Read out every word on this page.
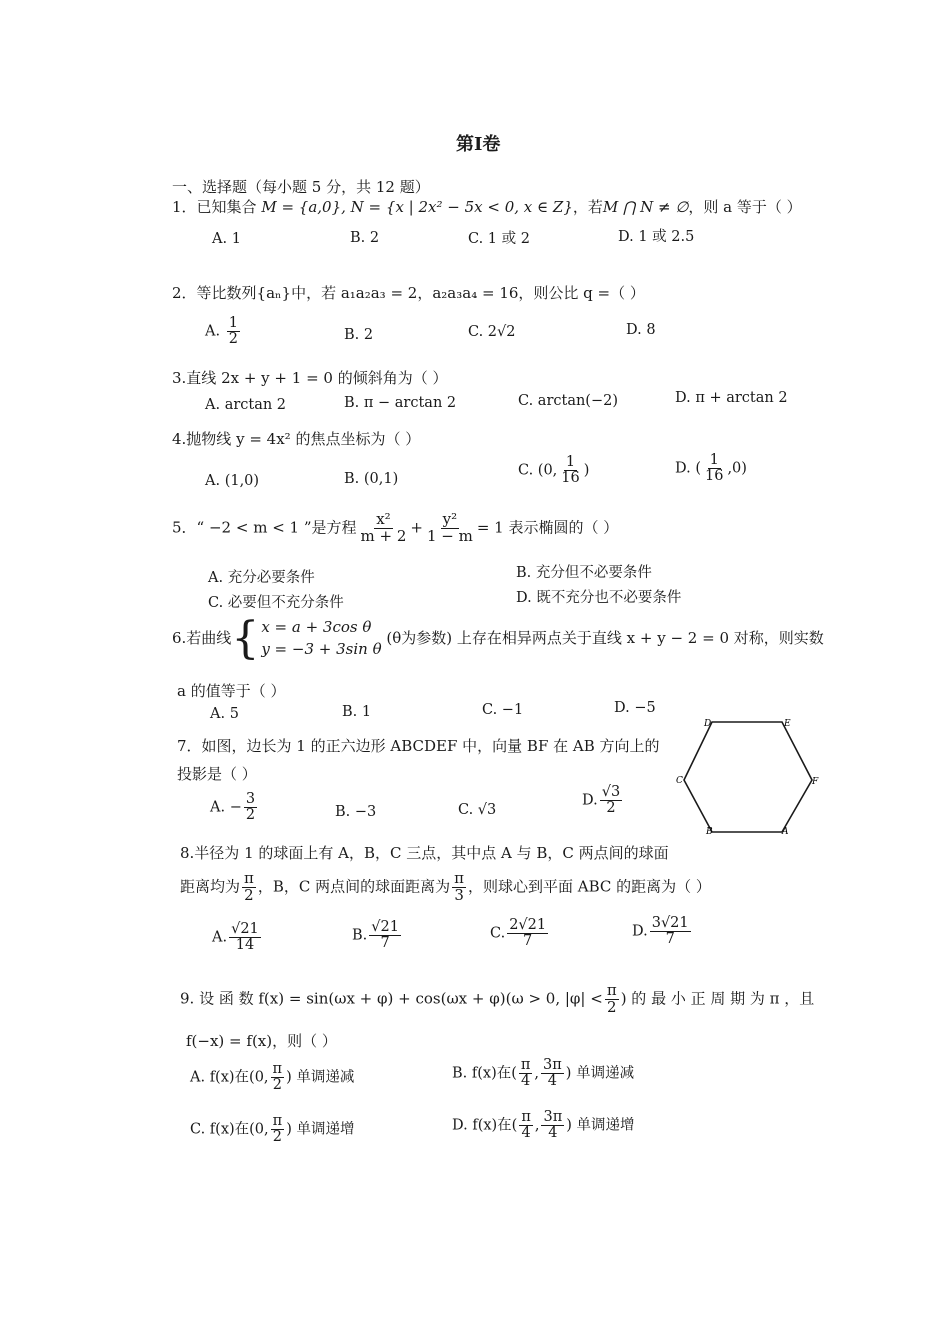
第Ⅰ卷
一、选择题（每小题 5 分，共 12 题）
1．已知集合 M = {a,0}, N = {x | 2x² − 5x < 0, x ∈ Z}，若M ⋂ N ≠ ∅，则 a 等于（ ）
A. 1	B. 2	C. 1 或 2	D. 1 或 2.5
2．等比数列{aₙ}中，若 a₁a₂a₃ = 2，a₂a₃a₄ = 16，则公比 q =（ ）
A. $\frac{1}{2}$	B. 2	C. 2√2	D. 8
3.直线 2x + y + 1 = 0 的倾斜角为（ ）
A. arctan 2	B. π − arctan 2	C. arctan(−2)	D. π + arctan 2
4.抛物线 y = 4x² 的焦点坐标为（ ）
A. (1,0)	B. (0,1)
C. (0, $\frac{1}{16}$ )	D. ( $\frac{1}{16} ,0$)
5．“ −2 < m < 1 ”是方程 $\frac{\text{x²}}{m + 2} + \frac{\text{y²}}{1 - m} = 1$ 表示椭圆的（ ）
A. 充分必要条件	B. 充分但不必要条件
C. 必要但不充分条件	D. 既不充分也不必要条件
6.若曲线 { x = a + 3cos θ
y = −3 + 3sin θ
(θ为参数) 上存在相异两点关于直线 x + y − 2 = 0 对称，则实数
a 的值等于（ ）
A. 5	B. 1	C. −1	D. −5
7．如图，边长为 1 的正六边形 ABCDEF 中，向量 BF 在 AB 方向上的
投影是（ ）
A. − $\frac{3}{2}$	B. −3	C. √3
D. $\frac{√3}{2}$
D	E
F
A
B
C
8.半径为 1 的球面上有 A，B，C 三点，其中点 A 与 B，C 两点间的球面
距离均为 $\frac{\pi}{2}$ ，B，C 两点间的球面距离为 $\frac{\pi}{3}$ ，则球心到平面 ABC 的距离为（ ）
A. $\frac{√21}{14}$	B. $\frac{√21}{7}$	C. $\frac{2√21}{7}$	D. $\frac{3√21}{7}$
9. 设 函 数 f(x) = sin(ωx + φ) + cos(ωx + φ)(ω > 0, $|\varphi| < \frac{\pi}{2}$ ) 的 最 小 正 周 期 为 π ，且
f(−x) = f(x)，则（ ）
A. f(x)在(0, $\frac{\pi}{2}$ ) 单调递减	B. f(x)在( $\frac{\pi}{4}$ , $\frac{3\pi}{4}$ ) 单调递减
C. f(x)在(0, $\frac{\pi}{2}$ ) 单调递增	D. f(x)在( $\frac{\pi}{4}$ , $\frac{3\pi}{4}$ ) 单调递增
